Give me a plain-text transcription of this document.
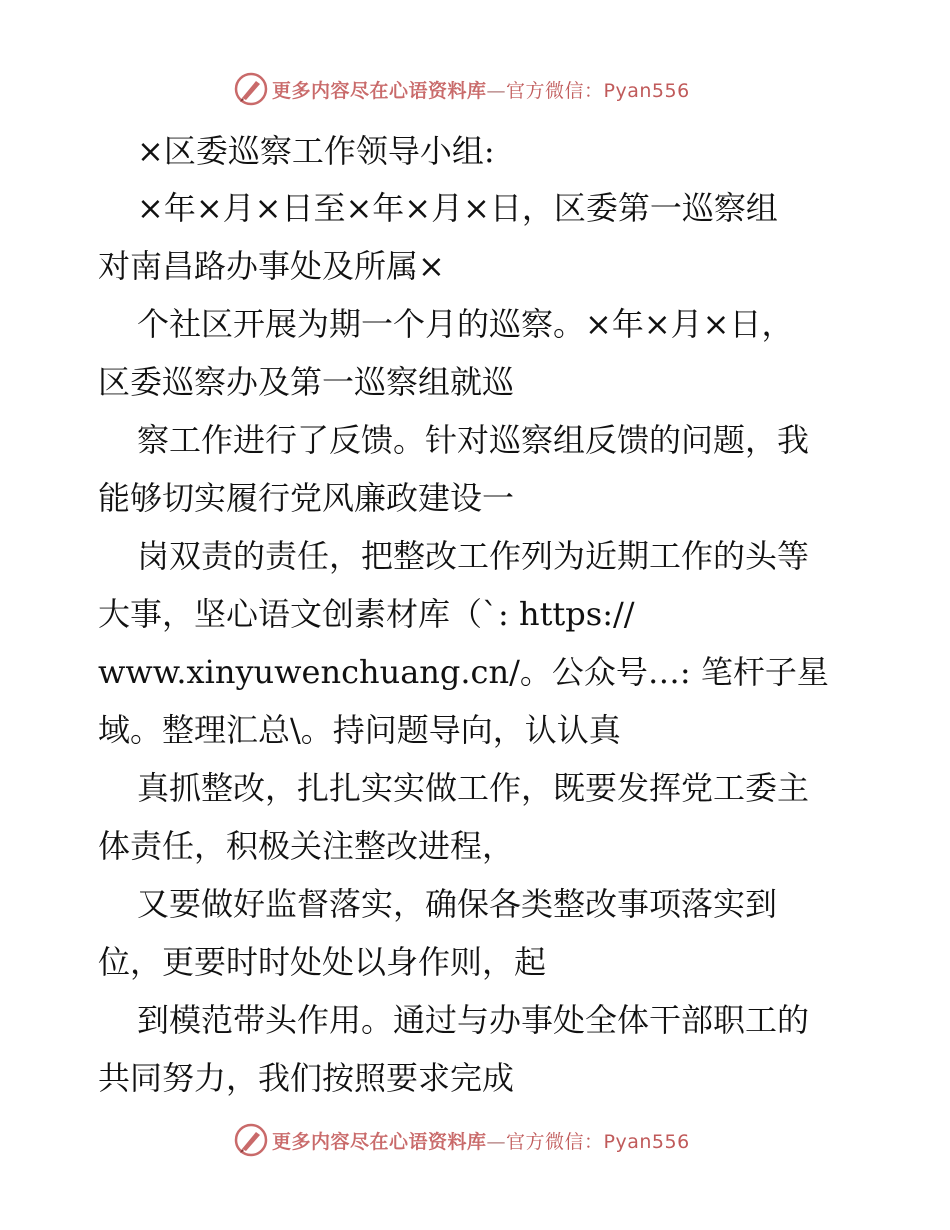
更多内容尽在心语资料库—官方微信：Pyan556
×区委巡察工作领导小组:
×年×月×日至×年×月×日，区委第一巡察组
对南昌路办事处及所属×
个社区开展为期一个月的巡察。×年×月×日，
区委巡察办及第一巡察组就巡
察工作进行了反馈。针对巡察组反馈的问题，我
能够切实履行党风廉政建设一
岗双责的责任，把整改工作列为近期工作的头等
大事，坚心语文创素材库（`: https://
www.xinyuwenchuang.cn/。公众号…: 笔杆子星
域。整理汇总\。持问题导向，认认真
真抓整改，扎扎实实做工作，既要发挥党工委主
体责任，积极关注整改进程，
又要做好监督落实，确保各类整改事项落实到
位，更要时时处处以身作则，起
到模范带头作用。通过与办事处全体干部职工的
共同努力，我们按照要求完成
更多内容尽在心语资料库—官方微信：Pyan556
